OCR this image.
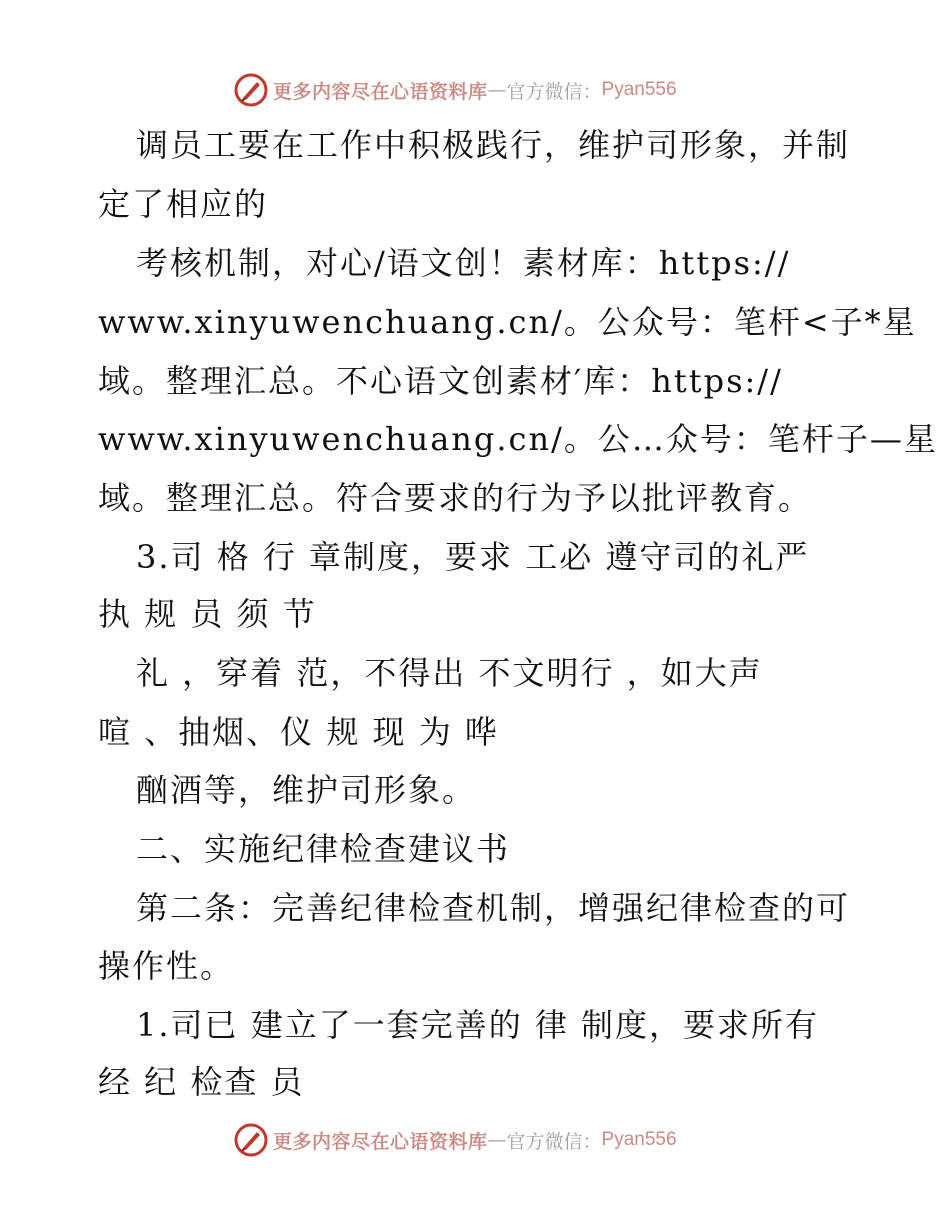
更多内容尽在心语资料库 — 官方微信： Pyan556
调员工要在工作中积极践行，维护司形象，并制
定了相应的
考核机制，对心/语文创！素材库：https://
www.xinyuwenchuang.cn/。公众号：笔杆<子*星
域。整理汇总。不心语文创素材′库：https://
www.xinyuwenchuang.cn/。公…众号：笔杆子—星
域。整理汇总。符合要求的行为予以批评教育。
3.司 格 行 章制度，要求 工必 遵守司的礼严
执 规 员 须 节
礼 ，穿着 范，不得出 不文明行 ，如大声
喧 、抽烟、仪 规 现 为 哗
酗酒等，维护司形象。
二、实施纪律检查建议书
第二条：完善纪律检查机制，增强纪律检查的可
操作性。
1.司已 建立了一套完善的 律 制度，要求所有
经 纪 检查 员
更多内容尽在心语资料库 — 官方微信： Pyan556
